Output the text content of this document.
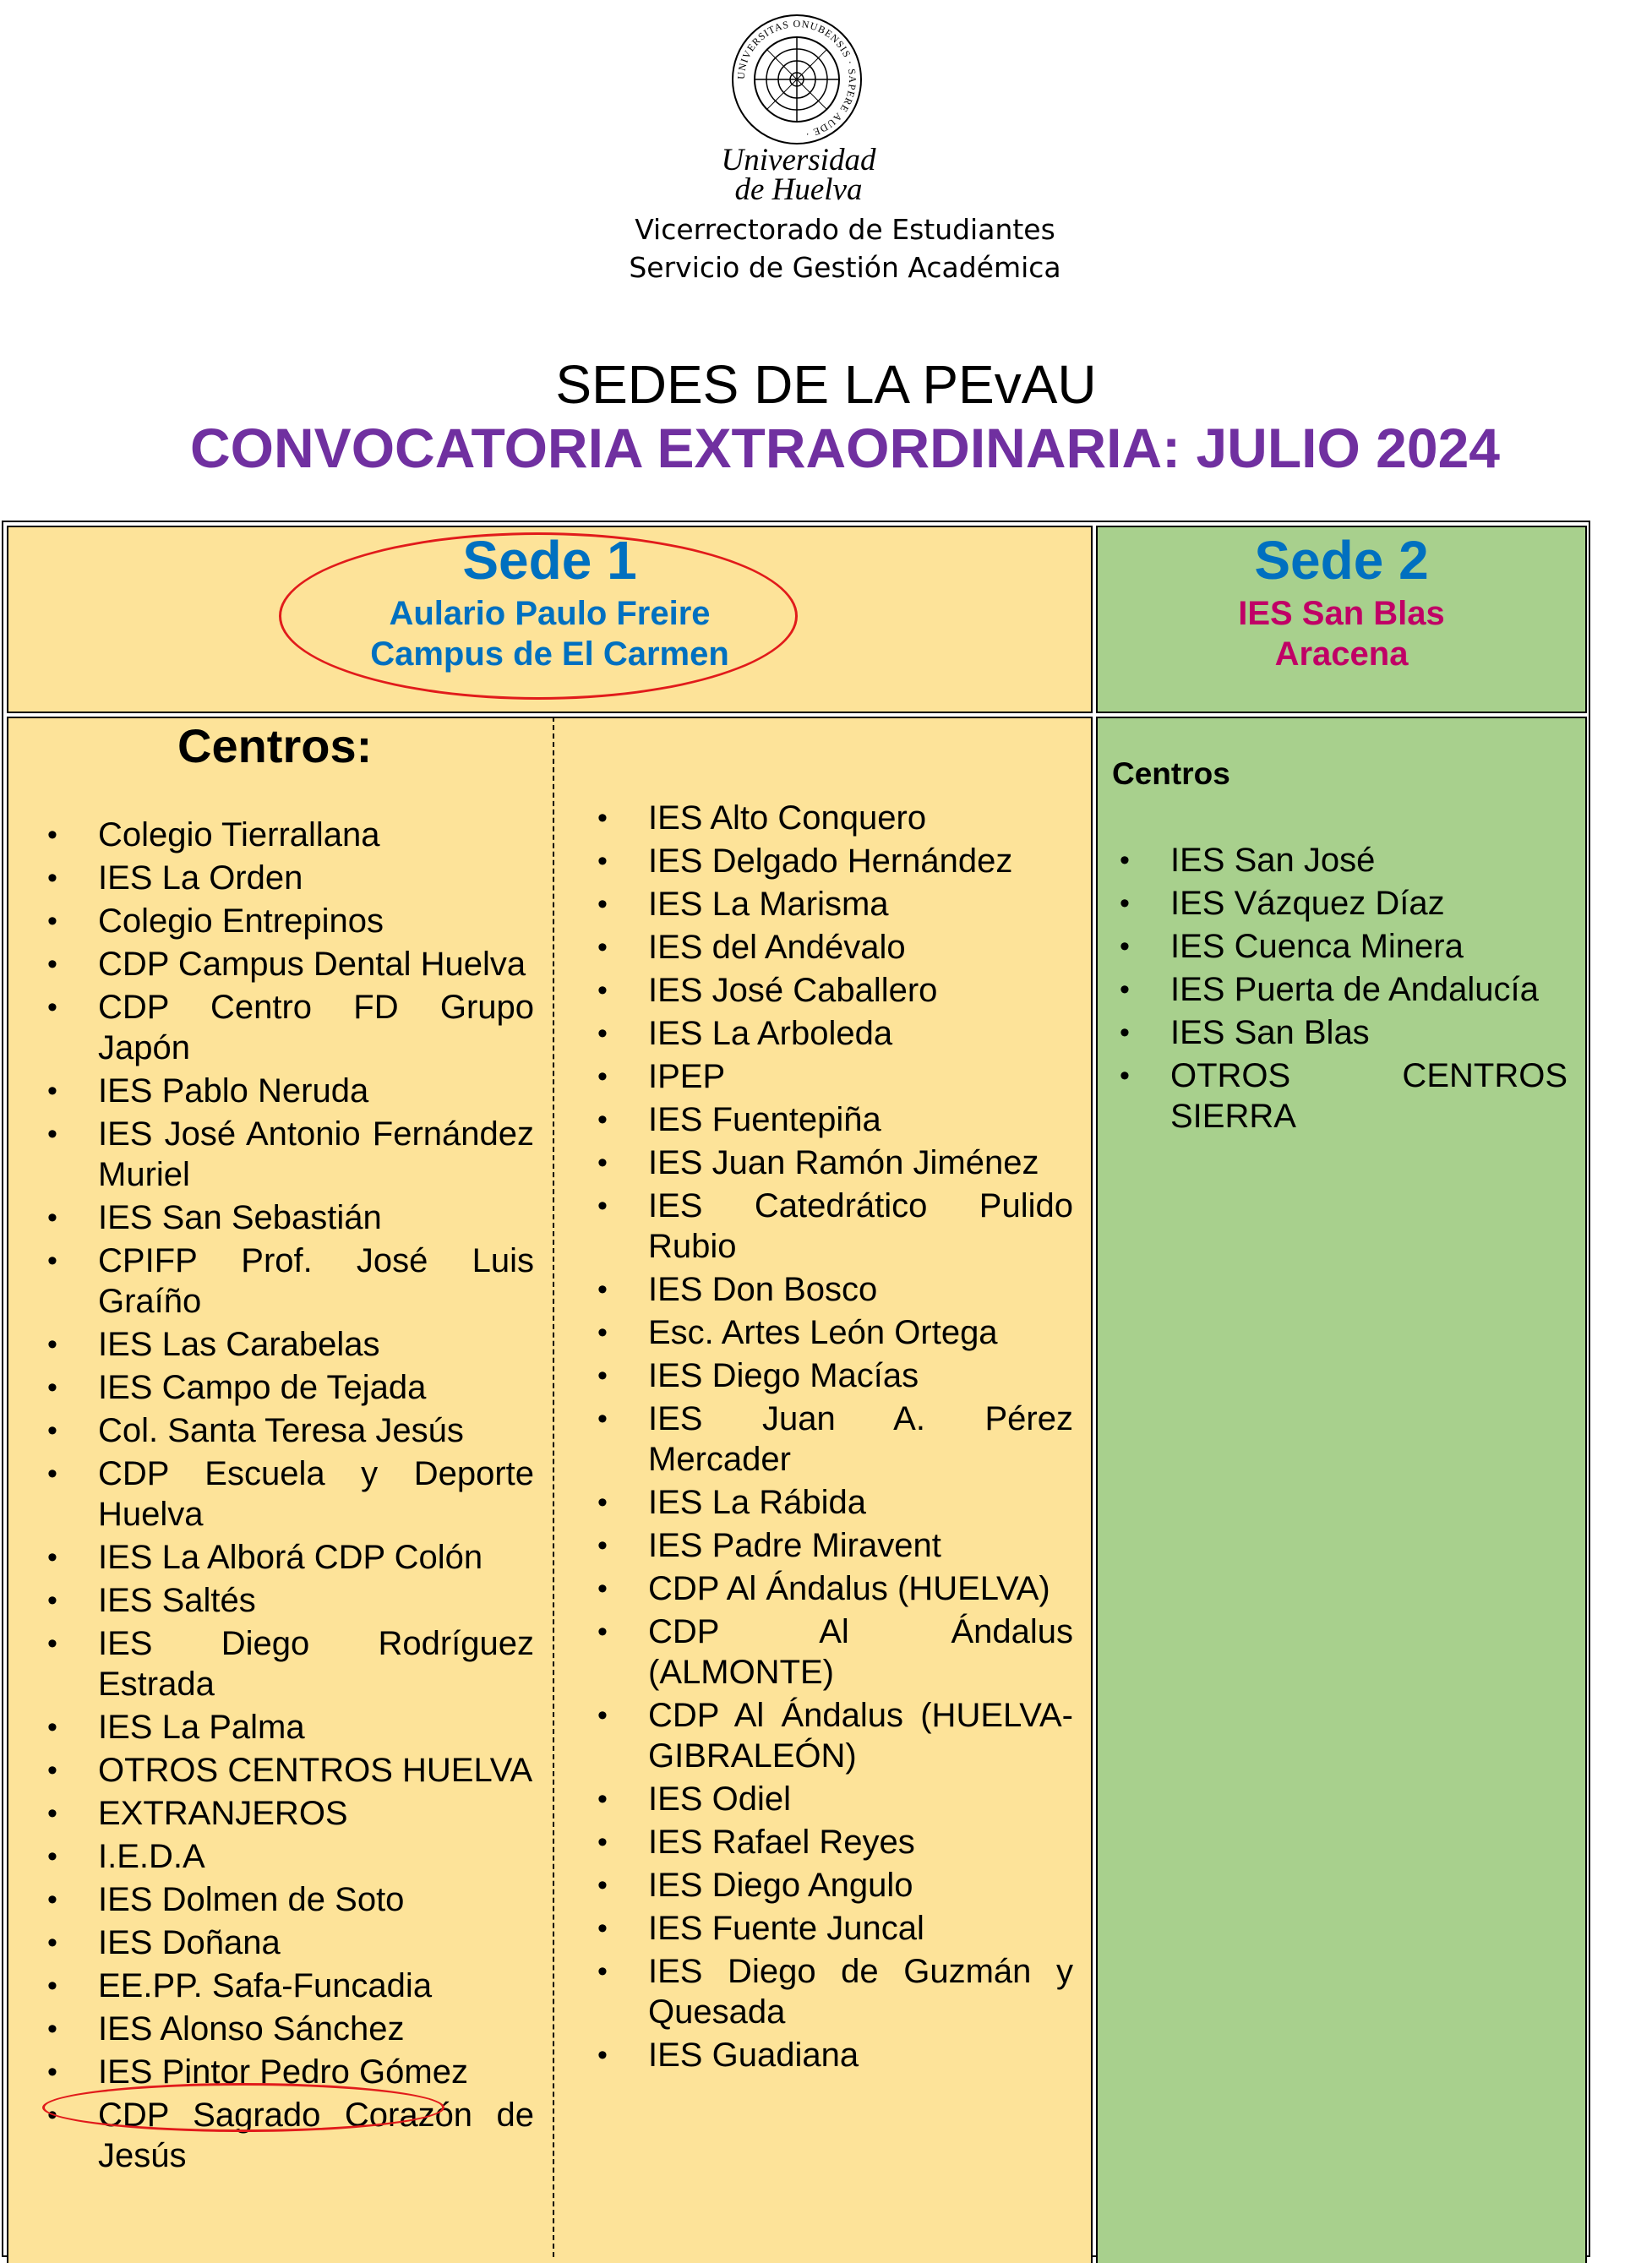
UNIVERSITAS ONUBENSIS · SAPERE AUDE ·
Universidad
de Huelva
Vicerrectorado de Estudiantes
Servicio de Gestión Académica
SEDES DE LA PEvAU
CONVOCATORIA EXTRAORDINARIA: JULIO 2024
Sede 1
Aulario Paulo Freire
Campus de El Carmen
Sede 2
IES San Blas
Aracena
Centros:
Centros
• Colegio Tierrallana
• IES La Orden
• Colegio Entrepinos
• CDP Campus Dental Huelva
• CDP Centro FD Grupo Japón
• IES Pablo Neruda
• IES José Antonio Fernández Muriel
• IES San Sebastián
• CPIFP Prof. José Luis Graíño
• IES Las Carabelas
• IES Campo de Tejada
• Col. Santa Teresa Jesús
• CDP Escuela y Deporte Huelva
• IES La Alborá CDP Colón
• IES Saltés
• IES Diego Rodríguez Estrada
• IES La Palma
• OTROS CENTROS HUELVA
• EXTRANJEROS
• I.E.D.A
• IES Dolmen de Soto
• IES Doñana
• EE.PP. Safa-Funcadia
• IES Alonso Sánchez
• IES Pintor Pedro Gómez
• CDP Sagrado Corazón de Jesús
• IES Alto Conquero
• IES Delgado Hernández
• IES La Marisma
• IES del Andévalo
• IES José Caballero
• IES La Arboleda
• IPEP
• IES Fuentepiña
• IES Juan Ramón Jiménez
• IES Catedrático Pulido Rubio
• IES Don Bosco
• Esc. Artes León Ortega
• IES Diego Macías
• IES Juan A. Pérez Mercader
• IES La Rábida
• IES Padre Miravent
• CDP Al Ándalus (HUELVA)
• CDP Al Ándalus (ALMONTE)
• CDP Al Ándalus (HUELVA-GIBRALEÓN)
• IES Odiel
• IES Rafael Reyes
• IES Diego Angulo
• IES Fuente Juncal
• IES Diego de Guzmán y Quesada
• IES Guadiana
• IES San José
• IES Vázquez Díaz
• IES Cuenca Minera
• IES Puerta de Andalucía
• IES San Blas
• OTROS CENTROS SIERRA
